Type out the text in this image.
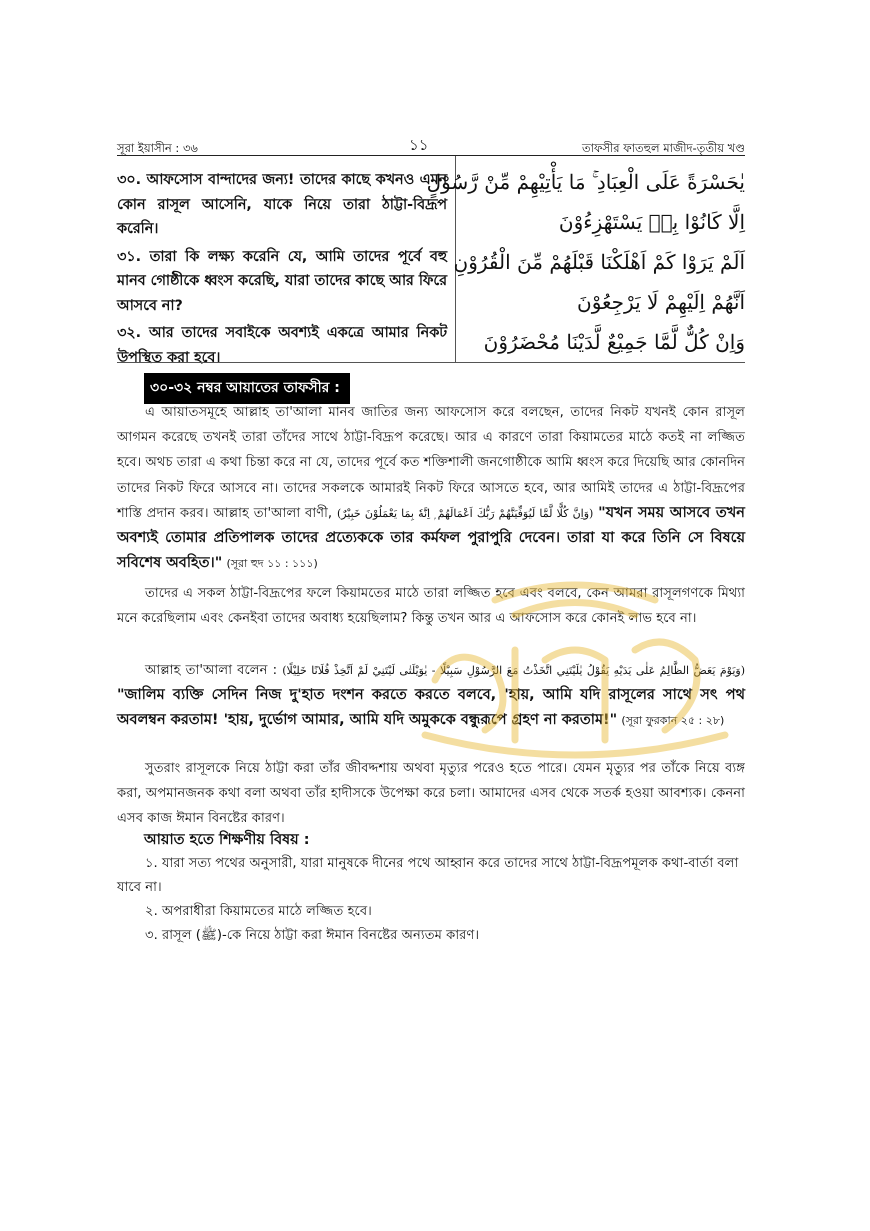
সূরা ইয়াসীন : ৩৬	১১	তাফসীর ফাতহুল মাজীদ-তৃতীয় খণ্ড

৩০. আফসোস বান্দাদের জন্য! তাদের কাছে কখনও এমন কোন রাসূল আসেনি, যাকে নিয়ে তারা ঠাট্টা-বিদ্রূপ করেনি।

৩১. তারা কি লক্ষ্য করেনি যে, আমি তাদের পূর্বে বহু মানব গোষ্ঠীকে ধ্বংস করেছি, যারা তাদের কাছে আর ফিরে আসবে না?

৩২. আর তাদের সবাইকে অবশ্যই একত্রে আমার নিকট উপস্থিত করা হবে।

يٰحَسْرَةً عَلَى الْعِبَادِ ۚ مَا يَأْتِيْهِمْ مِّنْ رَّسُوْلٍ
اِلَّا كَانُوْا بِهٖ يَسْتَهْزِءُوْنَ
اَلَمْ يَرَوْا كَمْ اَهْلَكْنَا قَبْلَهُمْ مِّنَ الْقُرُوْنِ
اَنَّهُمْ اِلَيْهِمْ لَا يَرْجِعُوْنَ
وَاِنْ كُلٌّ لَّمَّا جَمِيْعٌ لَّدَيْنَا مُحْضَرُوْنَ
৩০-৩২ নম্বর আয়াতের তাফসীর :

এ আয়াতসমূহে আল্লাহ তা'আলা মানব জাতির জন্য আফসোস করে বলছেন, তাদের নিকট যখনই কোন রাসূল আগমন করেছে তখনই তারা তাঁদের সাথে ঠাট্টা-বিদ্রূপ করেছে। আর এ কারণে তারা কিয়ামতের মাঠে কতই না লজ্জিত হবে। অথচ তারা এ কথা চিন্তা করে না যে, তাদের পূর্বে কত শক্তিশালী জনগোষ্ঠীকে আমি ধ্বংস করে দিয়েছি আর কোনদিন তাদের নিকট ফিরে আসবে না। তাদের সকলকে আমারই নিকট ফিরে আসতে হবে, আর আমিই তাদের এ ঠাট্টা-বিদ্রূপের শাস্তি প্রদান করব। আল্লাহ তা'আলা বাণী, (وَاِنَّ كُلًّا لَّمَّا لَيُوَفِّيَنَّهُمْ رَبُّكَ اَعْمَالَهُمْ ۭ اِنَّهٗ بِمَا يَعْمَلُوْنَ خَبِيْرٌ) "যখন সময় আসবে তখন অবশ্যই তোমার প্রতিপালক তাদের প্রত্যেককে তার কর্মফল পুরাপুরি দেবেন। তারা যা করে তিনি সে বিষয়ে সবিশেষ অবহিত।" (সূরা হুদ ১১ : ১১১)

তাদের এ সকল ঠাট্টা-বিদ্রূপের ফলে কিয়ামতের মাঠে তারা লজ্জিত হবে এবং বলবে, কেন আমরা রাসূলগণকে মিথ্যা মনে করেছিলাম এবং কেনইবা তাদের অবাধ্য হয়েছিলাম? কিন্তু তখন আর এ আফসোস করে কোনই লাভ হবে না।

আল্লাহ তা'আলা বলেন : (وَيَوْمَ يَعَضُّ الظَّالِمُ عَلٰى يَدَيْهِ يَقُوْلُ يٰلَيْتَنِي اتَّخَذْتُ مَعَ الرَّسُوْلِ سَبِيْلًا - يٰوَيْلَتٰى لَيْتَنِيْ لَمْ اَتَّخِذْ فُلَانًا خَلِيْلًا) "জালিম ব্যক্তি সেদিন নিজ দু'হাত দংশন করতে করতে বলবে, 'হায়, আমি যদি রাসূলের সাথে সৎ পথ অবলম্বন করতাম! 'হায়, দুর্ভোগ আমার, আমি যদি অমুককে বন্ধুরূপে গ্রহণ না করতাম!" (সূরা ফুরকান ২৫ : ২৮)

সুতরাং রাসূলকে নিয়ে ঠাট্টা করা তাঁর জীবদ্দশায় অথবা মৃত্যুর পরেও হতে পারে। যেমন মৃত্যুর পর তাঁকে নিয়ে ব্যঙ্গ করা, অপমানজনক কথা বলা অথবা তাঁর হাদীসকে উপেক্ষা করে চলা। আমাদের এসব থেকে সতর্ক হওয়া আবশ্যক। কেননা এসব কাজ ঈমান বিনষ্টের কারণ।

আয়াত হতে শিক্ষণীয় বিষয় :

১. যারা সত্য পথের অনুসারী, যারা মানুষকে দীনের পথে আহ্বান করে তাদের সাথে ঠাট্টা-বিদ্রূপমূলক কথা-বার্তা বলা যাবে না।

২. অপরাধীরা কিয়ামতের মাঠে লজ্জিত হবে।

৩. রাসূল (ﷺ)-কে নিয়ে ঠাট্টা করা ঈমান বিনষ্টের অন্যতম কারণ।
